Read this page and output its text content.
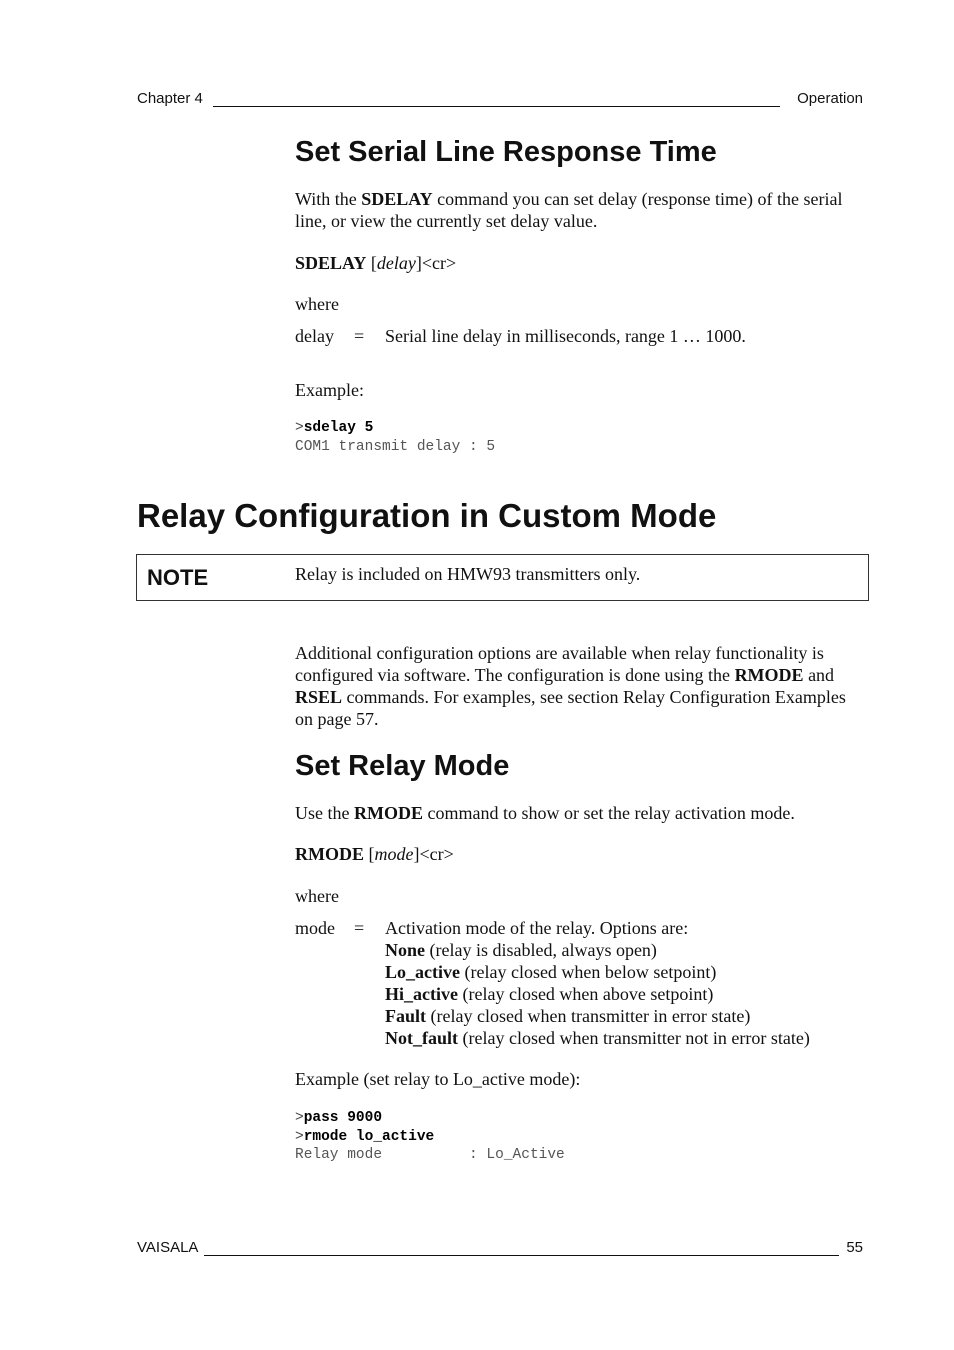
Chapter 4	Operation
Set Serial Line Response Time

With the SDELAY command you can set delay (response time) of the serial line, or view the currently set delay value.

SDELAY [delay]<cr>

where

delay = Serial line delay in milliseconds, range 1 … 1000.

Example:

>sdelay 5
COM1 transmit delay : 5
Relay Configuration in Custom Mode
NOTE	Relay is included on HMW93 transmitters only.

Additional configuration options are available when relay functionality is configured via software. The configuration is done using the RMODE and RSEL commands. For examples, see section Relay Configuration Examples on page 57.

Set Relay Mode

Use the RMODE command to show or set the relay activation mode.

RMODE [mode]<cr>

where

mode = Activation mode of the relay. Options are:
None (relay is disabled, always open)
Lo_active (relay closed when below setpoint)
Hi_active (relay closed when above setpoint)
Fault (relay closed when transmitter in error state)
Not_fault (relay closed when transmitter not in error state)

Example (set relay to Lo_active mode):

>pass 9000
>rmode lo_active
Relay mode          : Lo_Active
VAISALA	55
